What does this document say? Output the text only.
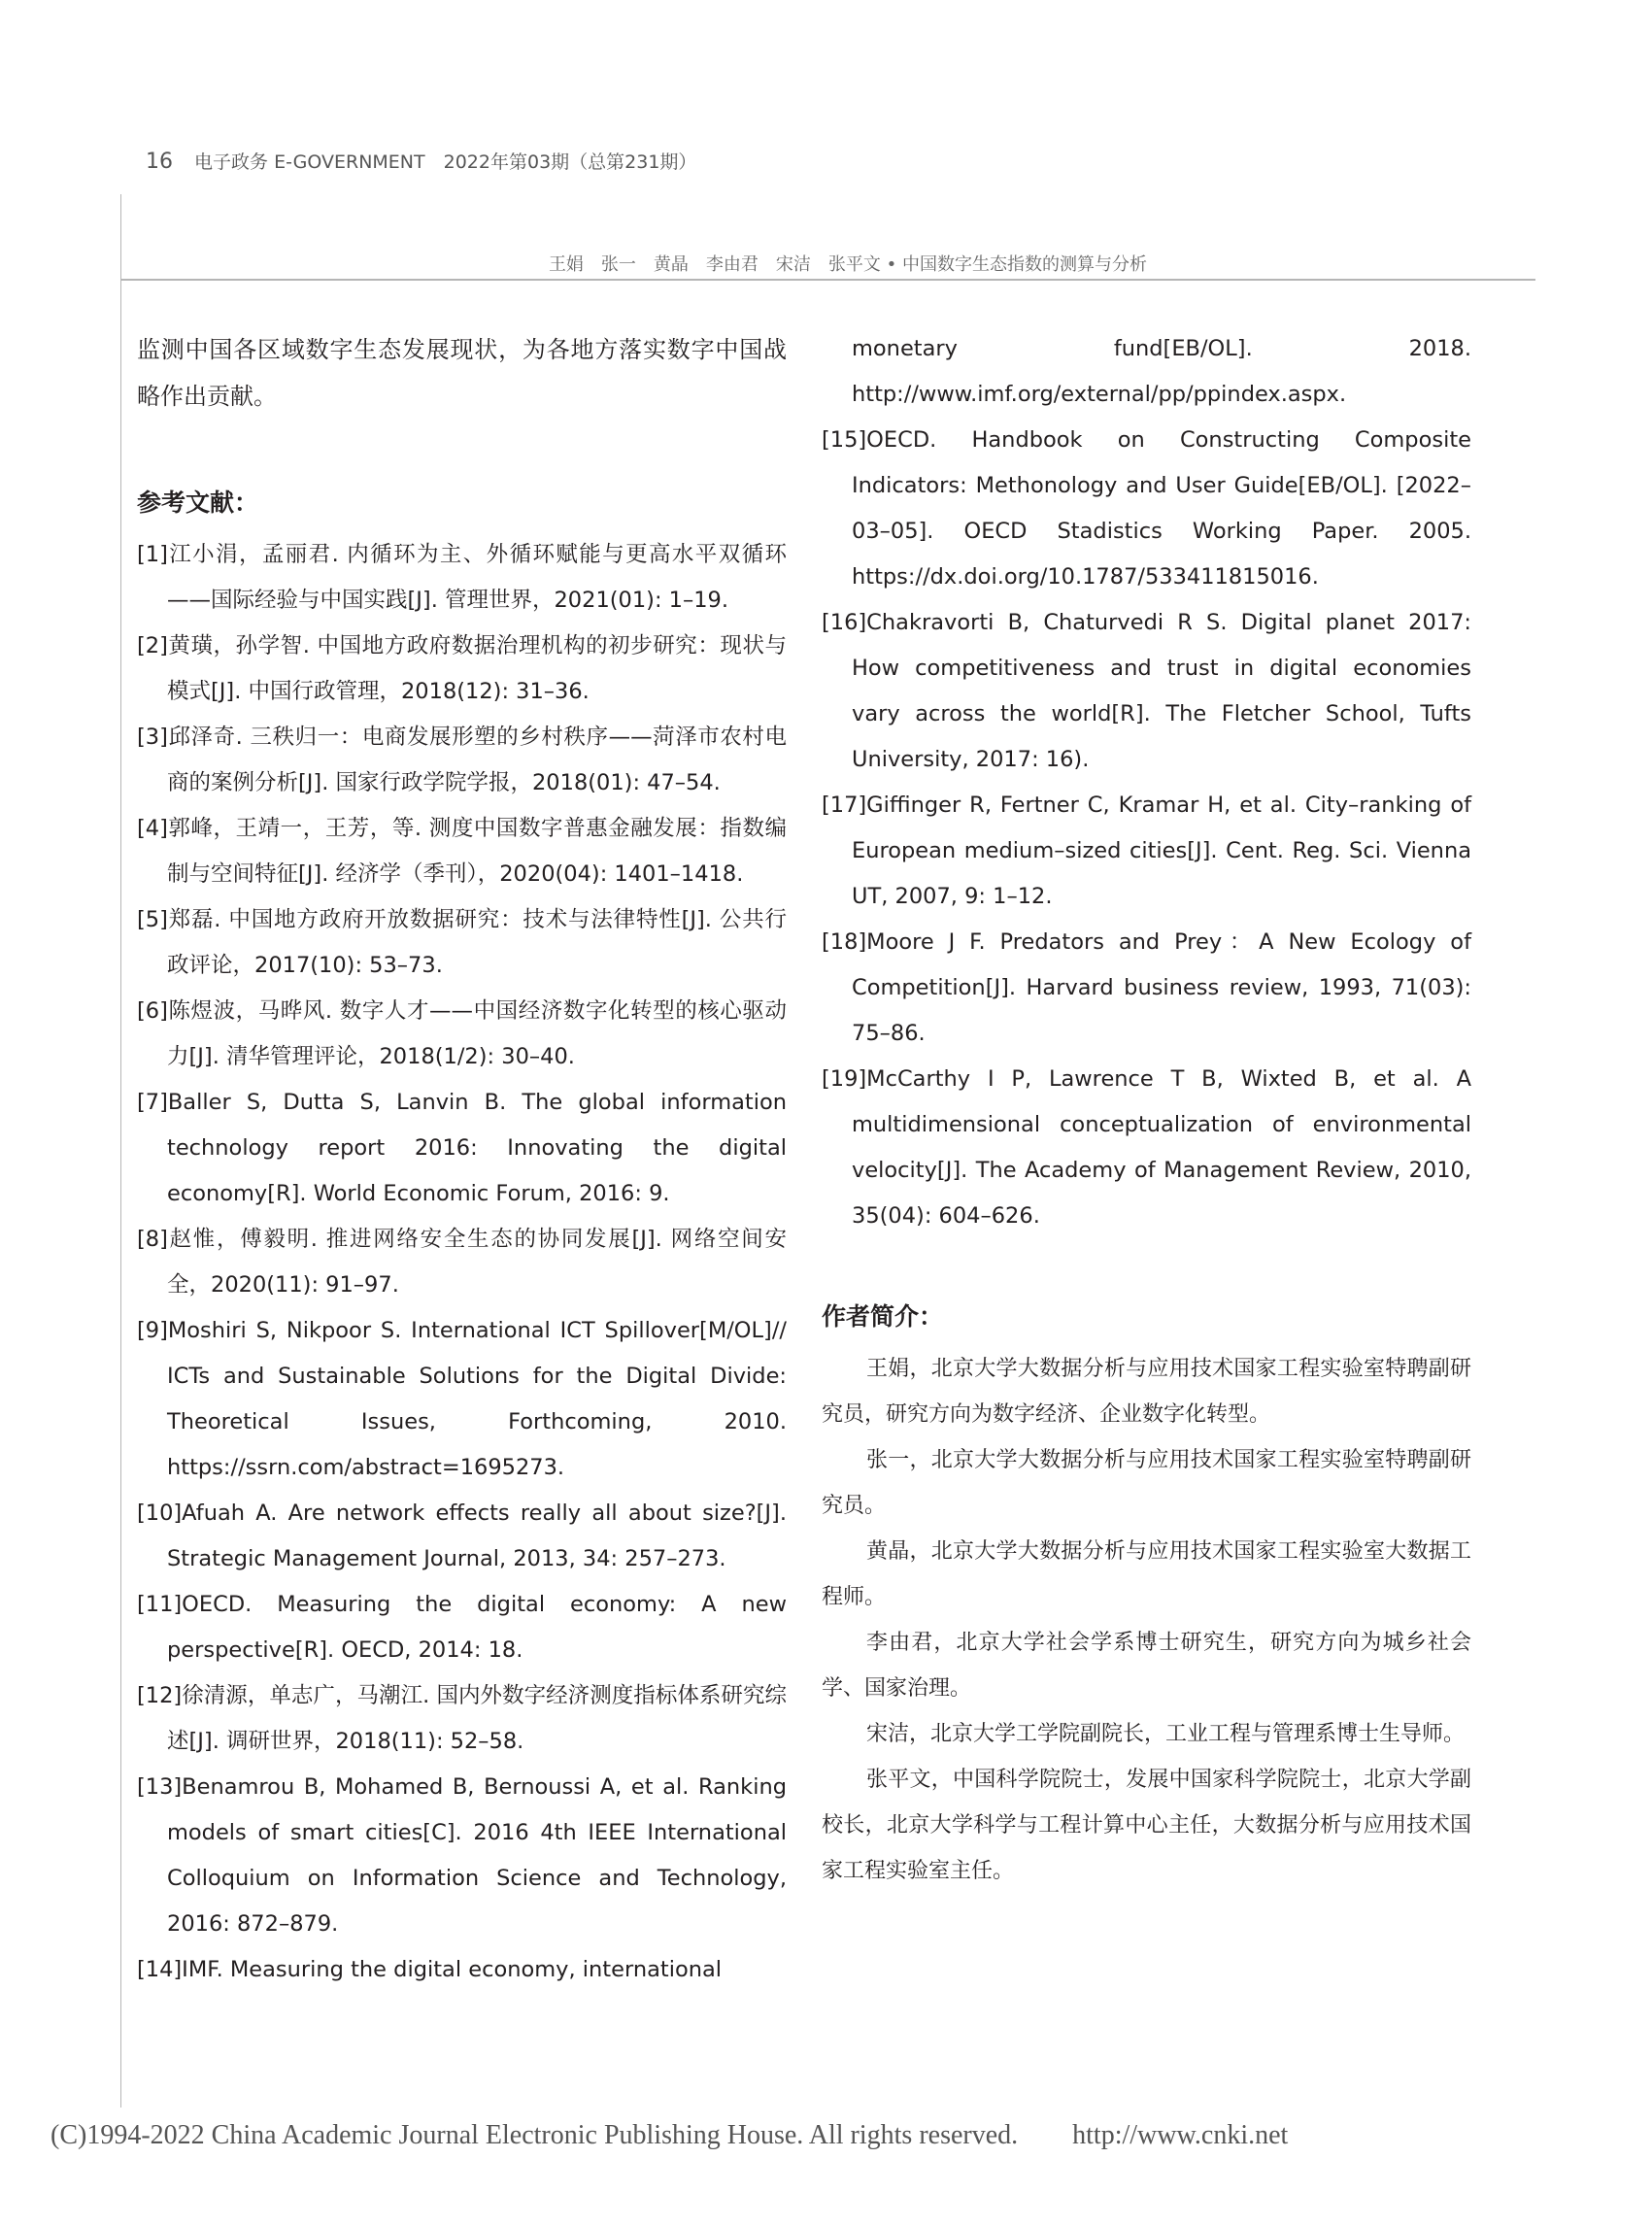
16 电子政务 E-GOVERNMENT　2022年第03期（总第231期）
王娟　张一　黄晶　李由君　宋洁　张平文 • 中国数字生态指数的测算与分析

监测中国各区域数字生态发展现状，为各地方落实数字中国战略作出贡献。

参考文献：

[1]江小涓，孟丽君. 内循环为主、外循环赋能与更高水平双循环——国际经验与中国实践[J]. 管理世界，2021(01): 1–19.

[2]黄璜，孙学智. 中国地方政府数据治理机构的初步研究：现状与模式[J]. 中国行政管理，2018(12): 31–36.

[3]邱泽奇. 三秩归一：电商发展形塑的乡村秩序——菏泽市农村电商的案例分析[J]. 国家行政学院学报，2018(01): 47–54.

[4]郭峰，王靖一，王芳，等. 测度中国数字普惠金融发展：指数编制与空间特征[J]. 经济学（季刊），2020(04): 1401–1418.

[5]郑磊. 中国地方政府开放数据研究：技术与法律特性[J]. 公共行政评论，2017(10): 53–73.

[6]陈煜波，马晔风. 数字人才——中国经济数字化转型的核心驱动力[J]. 清华管理评论，2018(1/2): 30–40.

[7]Baller S, Dutta S, Lanvin B. The global information technology report 2016: Innovating the digital economy[R]. World Economic Forum, 2016: 9.

[8]赵惟，傅毅明. 推进网络安全生态的协同发展[J]. 网络空间安全，2020(11): 91–97.

[9]Moshiri S, Nikpoor S. International ICT Spillover[M/OL]// ICTs and Sustainable Solutions for the Digital Divide: Theoretical Issues, Forthcoming, 2010. https://ssrn.com/abstract=1695273.

[10]Afuah A. Are network effects really all about size?[J]. Strategic Management Journal, 2013, 34: 257–273.

[11]OECD. Measuring the digital economy: A new perspective[R]. OECD, 2014: 18.

[12]徐清源，单志广，马潮江. 国内外数字经济测度指标体系研究综述[J]. 调研世界，2018(11): 52–58.

[13]Benamrou B, Mohamed B, Bernoussi A, et al. Ranking models of smart cities[C]. 2016 4th IEEE International Colloquium on Information Science and Technology, 2016: 872–879.

[14]IMF. Measuring the digital economy, international

monetary fund[EB/OL]. 2018. http://www.imf.org/external/pp/ppindex.aspx.

[15]OECD. Handbook on Constructing Composite Indicators: Methonology and User Guide[EB/OL]. [2022–03–05]. OECD Stadistics Working Paper. 2005. https://dx.doi.org/10.1787/533411815016.

[16]Chakravorti B, Chaturvedi R S. Digital planet 2017: How competitiveness and trust in digital economies vary across the world[R]. The Fletcher School, Tufts University, 2017: 16).

[17]Giffinger R, Fertner C, Kramar H, et al. City–ranking of European medium–sized cities[J]. Cent. Reg. Sci. Vienna UT, 2007, 9: 1–12.

[18]Moore J F. Predators and Prey：A New Ecology of Competition[J]. Harvard business review, 1993, 71(03): 75–86.

[19]McCarthy I P, Lawrence T B, Wixted B, et al. A multidimensional conceptualization of environmental velocity[J]. The Academy of Management Review, 2010, 35(04): 604–626.

作者简介：

王娟，北京大学大数据分析与应用技术国家工程实验室特聘副研究员，研究方向为数字经济、企业数字化转型。

张一，北京大学大数据分析与应用技术国家工程实验室特聘副研究员。

黄晶，北京大学大数据分析与应用技术国家工程实验室大数据工程师。

李由君，北京大学社会学系博士研究生，研究方向为城乡社会学、国家治理。

宋洁，北京大学工学院副院长，工业工程与管理系博士生导师。

张平文，中国科学院院士，发展中国家科学院院士，北京大学副校长，北京大学科学与工程计算中心主任，大数据分析与应用技术国家工程实验室主任。

(C)1994-2022 China Academic Journal Electronic Publishing House. All rights reserved.　　http://www.cnki.net
